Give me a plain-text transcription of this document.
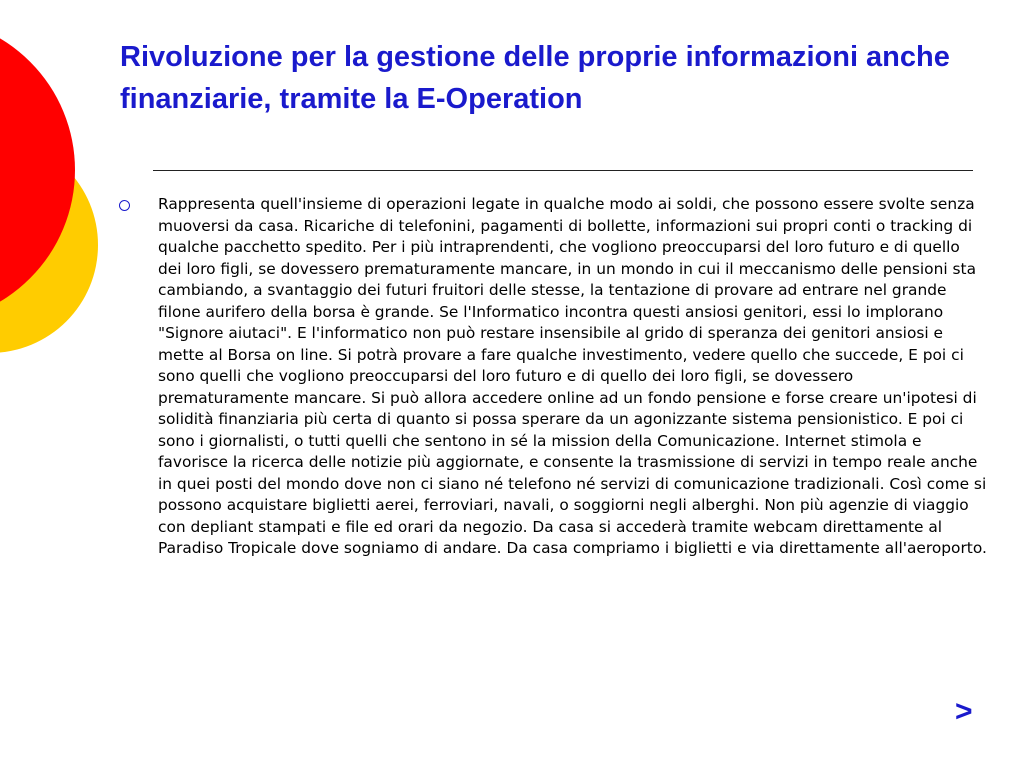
Rivoluzione per la gestione delle proprie informazioni anche finanziarie, tramite la E-Operation

Rappresenta quell'insieme di operazioni legate in qualche modo ai soldi, che possono essere svolte senza muoversi da casa. Ricariche di telefonini, pagamenti di bollette, informazioni sui propri conti o tracking di qualche pacchetto spedito. Per i più intraprendenti, che vogliono preoccuparsi del loro futuro e di quello dei loro figli, se dovessero prematuramente mancare, in un mondo in cui il meccanismo delle pensioni sta cambiando, a svantaggio dei futuri fruitori delle stesse, la tentazione di provare ad entrare nel grande filone aurifero della borsa è grande. Se l'Informatico incontra questi ansiosi genitori, essi lo implorano "Signore aiutaci". E l'informatico non può restare insensibile al grido di speranza dei genitori ansiosi e mette al Borsa on line. Si potrà provare a fare qualche investimento, vedere quello che succede, E poi ci sono quelli che vogliono preoccuparsi del loro futuro e di quello dei loro figli, se dovessero prematuramente mancare. Si può allora accedere online ad un fondo pensione e forse creare un'ipotesi di solidità finanziaria più certa di quanto si possa sperare da un agonizzante sistema pensionistico. E poi ci sono i giornalisti, o tutti quelli che sentono in sé la mission della Comunicazione. Internet stimola e favorisce la ricerca delle notizie più aggiornate, e consente la trasmissione di servizi in tempo reale anche in quei posti del mondo dove non ci siano né telefono né servizi di comunicazione tradizionali. Così come si possono acquistare biglietti aerei, ferroviari, navali, o soggiorni negli alberghi. Non più agenzie di viaggio con depliant stampati e file ed orari da negozio. Da casa si accederà tramite webcam direttamente al Paradiso Tropicale dove sogniamo di andare. Da casa compriamo i biglietti e via direttamente all'aeroporto.

>
